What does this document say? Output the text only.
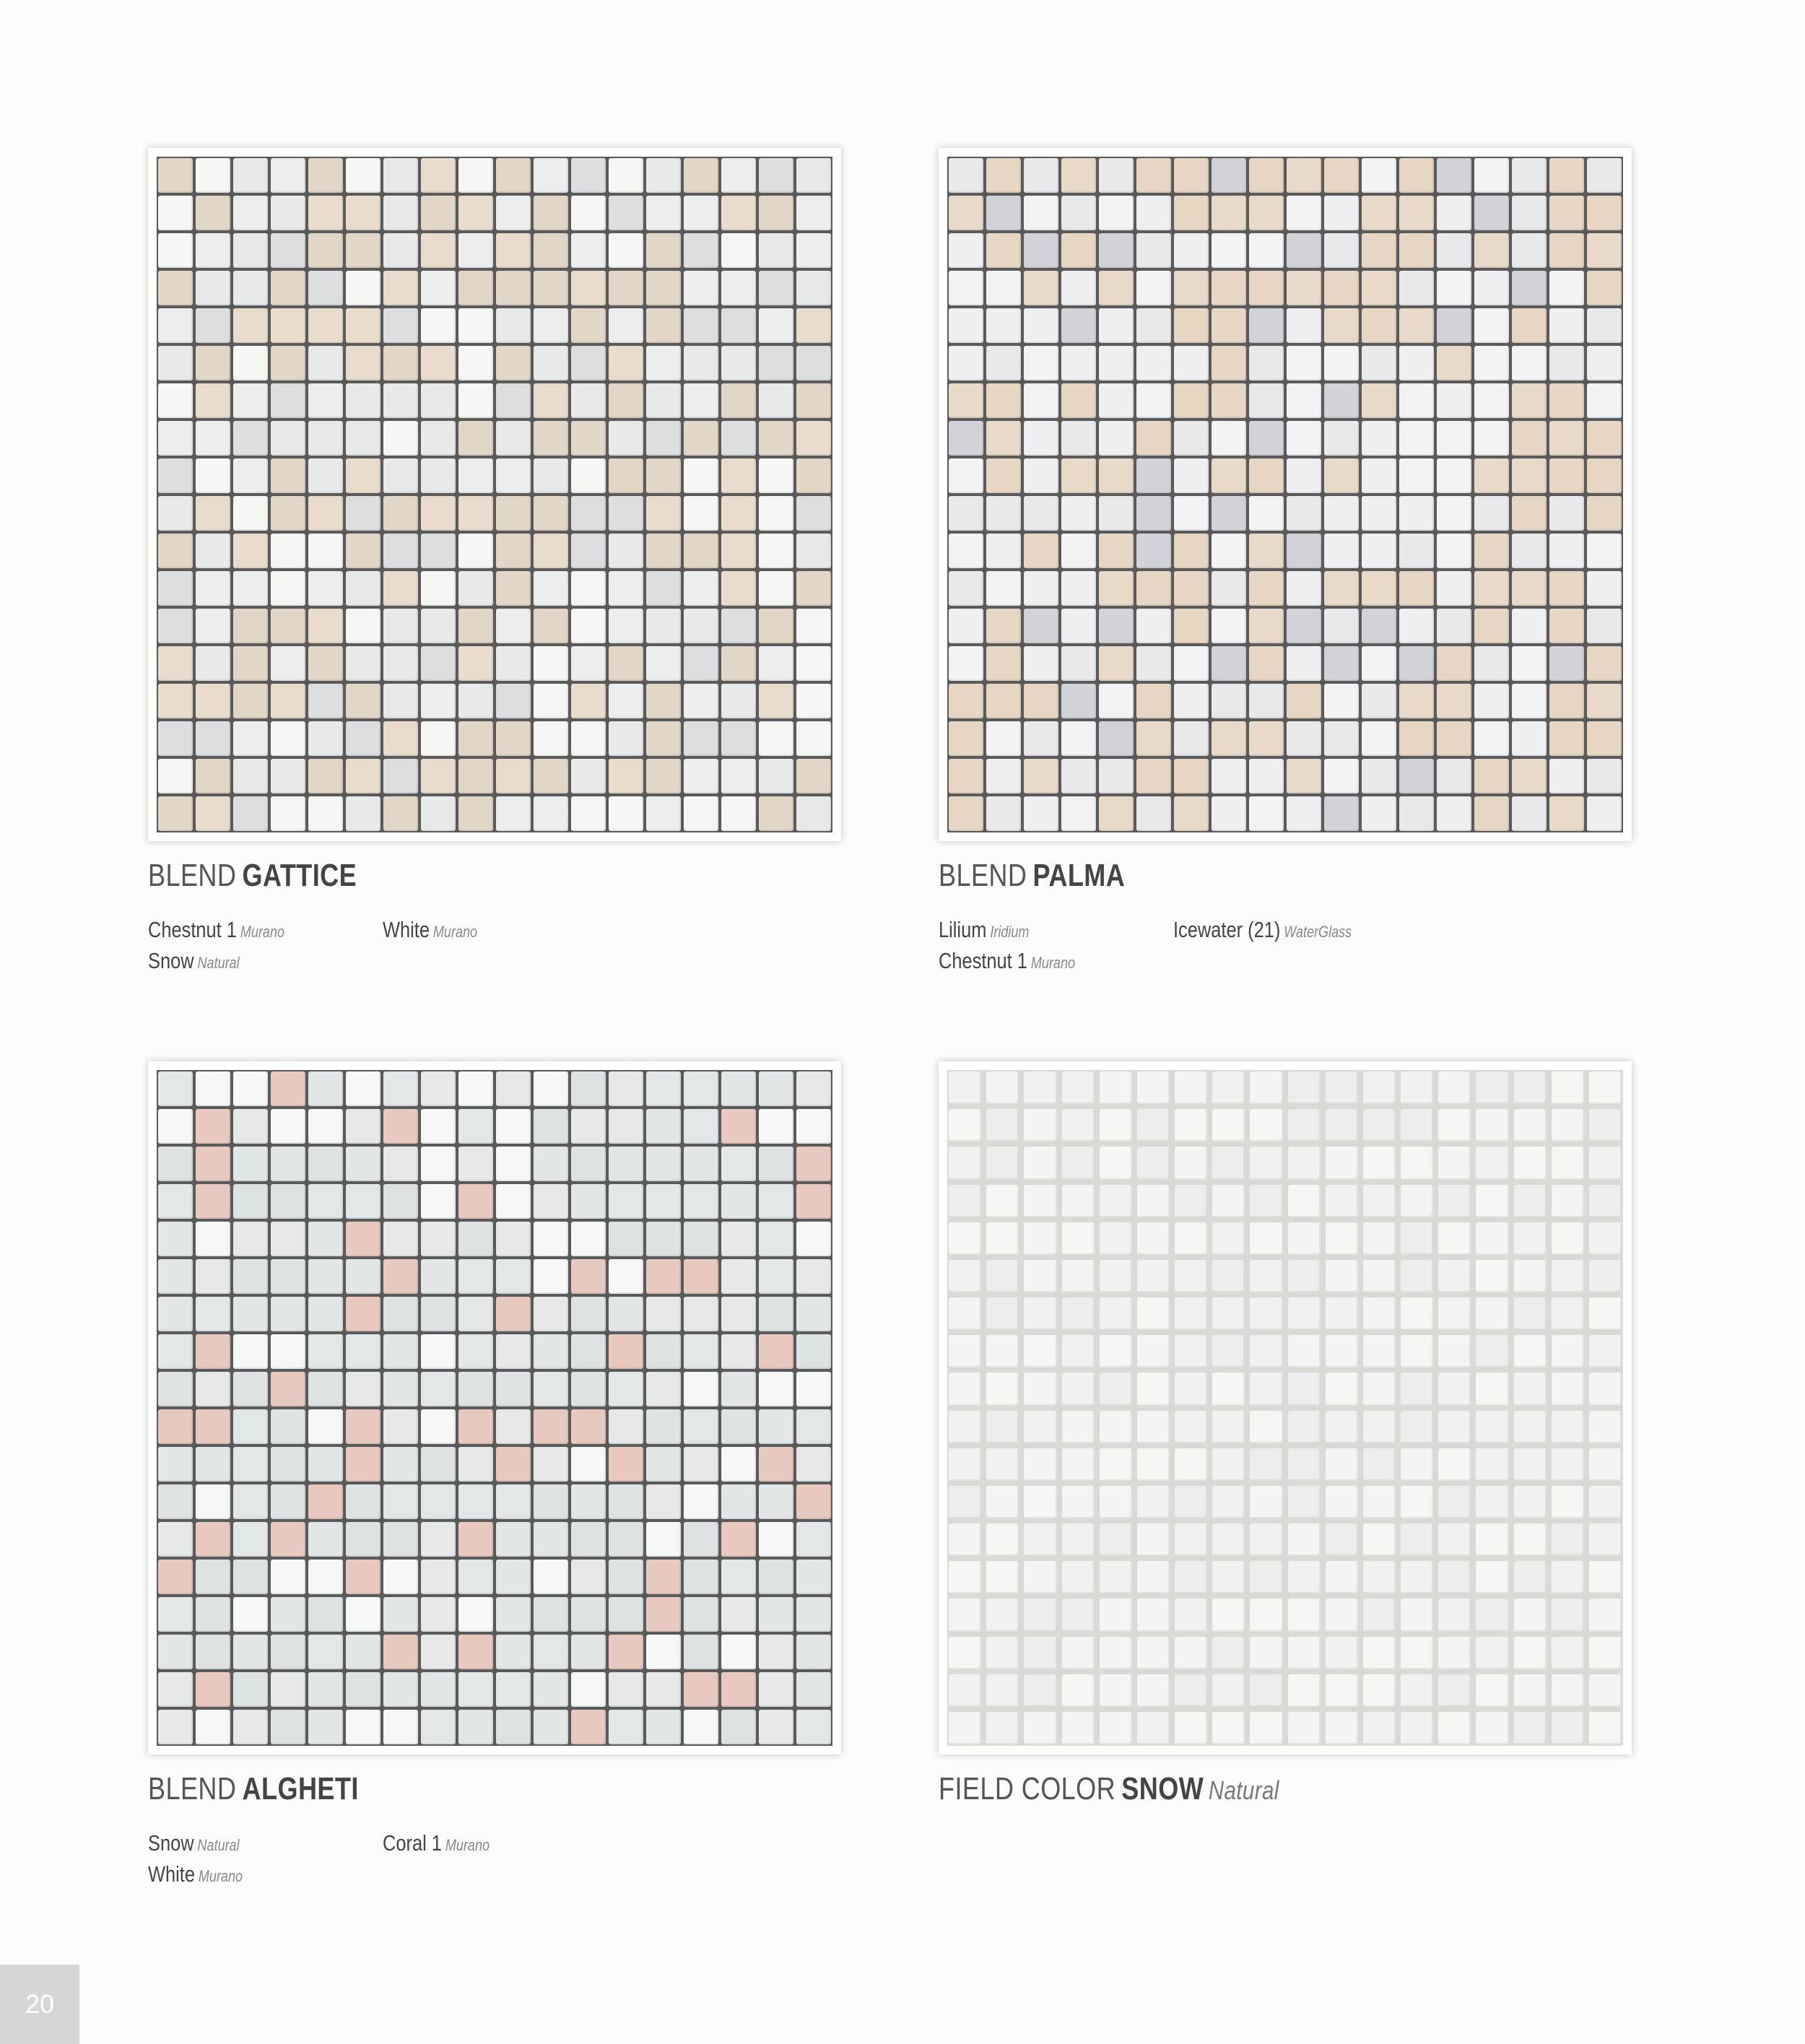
BLEND GATTICE
Chestnut 1 Murano	White Murano
Snow Natural
BLEND PALMA
Lilium Iridium	Icewater (21) WaterGlass
Chestnut 1 Murano
BLEND ALGHETI
Snow Natural	Coral 1 Murano
White Murano
FIELD COLOR SNOW Natural
20
